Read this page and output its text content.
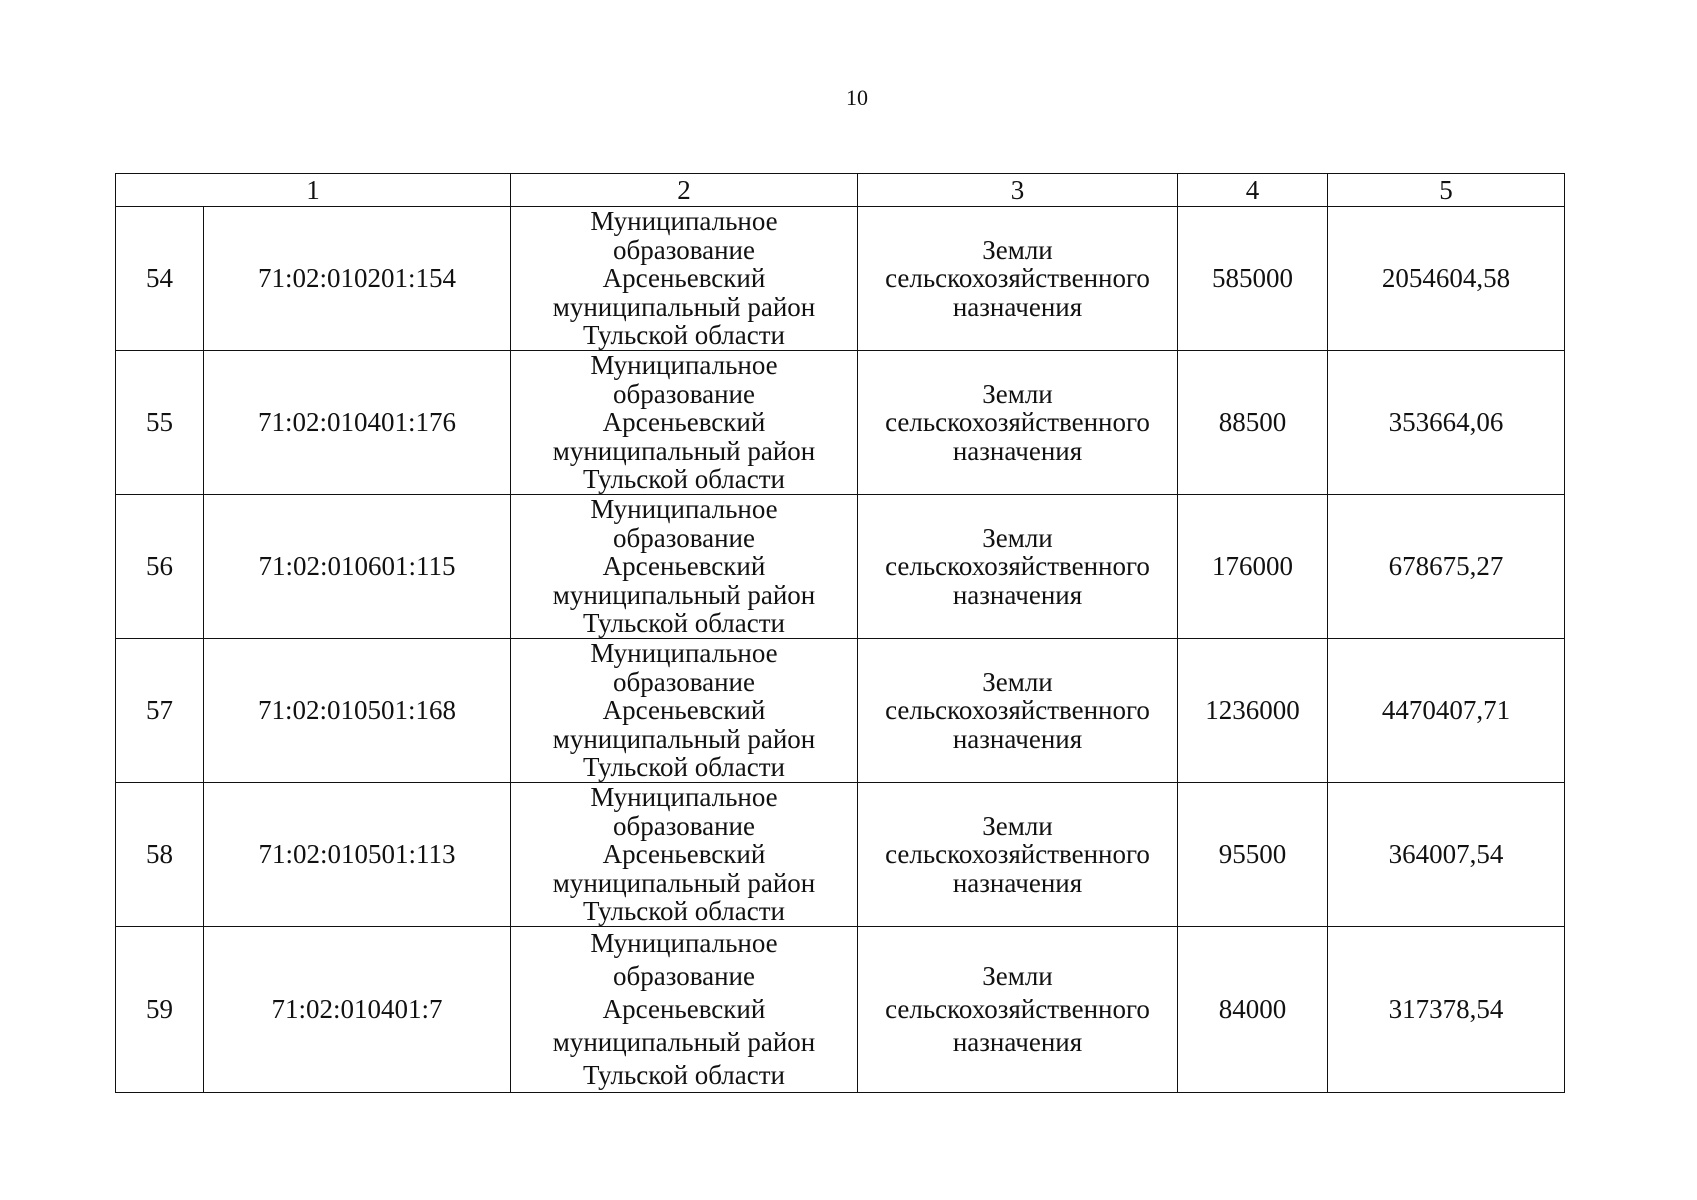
10
1		2	3	4	5
54	71:02:010201:154	Муниципальное
образование
Арсеньевский
муниципальный район
Тульской области	Земли
сельскохозяйственного
назначения	585000	2054604,58
55	71:02:010401:176	Муниципальное
образование
Арсеньевский
муниципальный район
Тульской области	Земли
сельскохозяйственного
назначения	88500	353664,06
56	71:02:010601:115	Муниципальное
образование
Арсеньевский
муниципальный район
Тульской области	Земли
сельскохозяйственного
назначения	176000	678675,27
57	71:02:010501:168	Муниципальное
образование
Арсеньевский
муниципальный район
Тульской области	Земли
сельскохозяйственного
назначения	1236000	4470407,71
58	71:02:010501:113	Муниципальное
образование
Арсеньевский
муниципальный район
Тульской области	Земли
сельскохозяйственного
назначения	95500	364007,54
59	71:02:010401:7	Муниципальное
образование
Арсеньевский
муниципальный район
Тульской области	Земли
сельскохозяйственного
назначения	84000	317378,54
